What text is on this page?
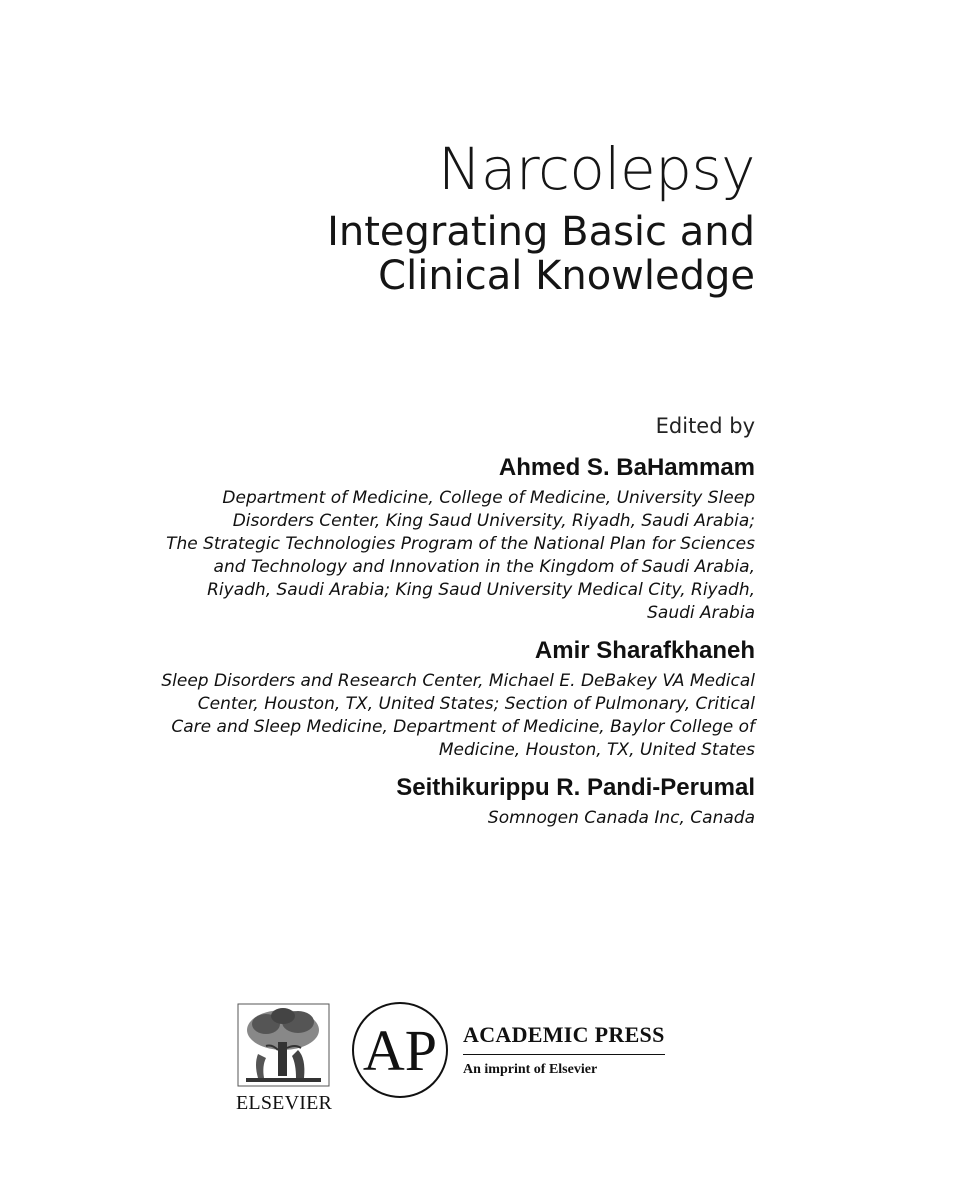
Narcolepsy
Integrating Basic and
Clinical Knowledge
Edited by
Ahmed S. BaHammam
Department of Medicine, College of Medicine, University Sleep
Disorders Center, King Saud University, Riyadh, Saudi Arabia;
The Strategic Technologies Program of the National Plan for Sciences
and Technology and Innovation in the Kingdom of Saudi Arabia,
Riyadh, Saudi Arabia; King Saud University Medical City, Riyadh,
Saudi Arabia
Amir Sharafkhaneh
Sleep Disorders and Research Center, Michael E. DeBakey VA Medical
Center, Houston, TX, United States; Section of Pulmonary, Critical
Care and Sleep Medicine, Department of Medicine, Baylor College of
Medicine, Houston, TX, United States
Seithikurippu R. Pandi-Perumal
Somnogen Canada Inc, Canada
ELSEVIER
AP ACADEMIC PRESS
An imprint of Elsevier
